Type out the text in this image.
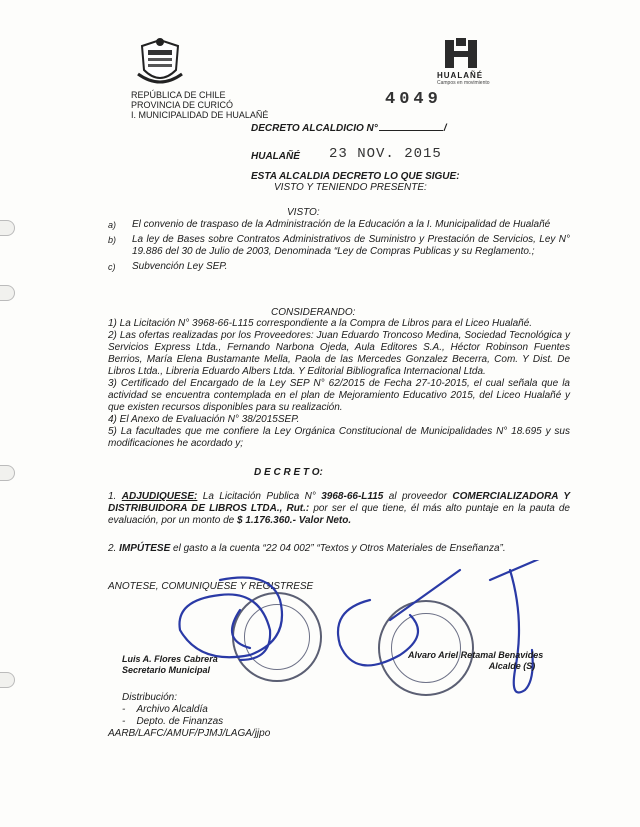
HUALAÑÉ
Campos en movimiento
REPÚBLICA DE CHILE
PROVINCIA DE CURICÓ
I. MUNICIPALIDAD DE HUALAÑÉ
4049
DECRETO ALCALDICIO N°	/
HUALAÑÉ 23 NOV. 2015
ESTA ALCALDIA DECRETO LO QUE SIGUE:
VISTO Y TENIENDO PRESENTE:
VISTO:
a)	El convenio de traspaso de la Administración de la Educación a la I. Municipalidad de Hualañé
b)	La ley de Bases sobre Contratos Administrativos de Suministro y Prestación de Servicios, Ley N° 19.886 del 30 de Julio de 2003, Denominada “Ley de Compras Publicas y su Reglamento.;
c)	Subvención Ley SEP.
CONSIDERANDO:
1) La Licitación N° 3968-66-L115 correspondiente a la Compra de Libros para el Liceo Hualañé.
2) Las ofertas realizadas por los Proveedores: Juan Eduardo Troncoso Medina, Sociedad Tecnológica y Servicios Express Ltda., Fernando Narbona Ojeda, Aula Editores S.A., Héctor Robinson Fuentes Berrios, María Elena Bustamante Mella, Paola de las Mercedes Gonzalez Becerra, Com. Y Dist. De Libros Ltda., Libreria Eduardo Albers Ltda. Y Editorial Bibliografica Internacional Ltda.
3) Certificado del Encargado de la Ley SEP N° 62/2015 de Fecha 27-10-2015, el cual señala que la actividad se encuentra contemplada en el plan de Mejoramiento Educativo 2015, del Liceo Hualañé y que existen recursos disponibles para su realización.
4) El Anexo de Evaluación N° 38/2015SEP.
5) La facultades que me confiere la Ley Orgánica Constitucional de Municipalidades N° 18.695 y sus modificaciones he acordado y;
D E C R E T O:
1. ADJUDIQUESE: La Licitación Publica N° 3968-66-L115 al proveedor COMERCIALIZADORA Y DISTRIBUIDORA DE LIBROS LTDA., Rut.: por ser el que tiene, él más alto puntaje en la pauta de evaluación, por un monto de $ 1.176.360.- Valor Neto.
2. IMPÚTESE el gasto a la cuenta “22 04 002” “Textos y Otros Materiales de Enseñanza”.
ANOTESE, COMUNIQUESE Y REGISTRESE
Luis A. Flores Cabrera
Secretario Municipal
Alvaro Ariel Retamal Benavides
Alcalde (S)
Distribución:
-    Archivo Alcaldía
-    Depto. de Finanzas
AARB/LAFC/AMUF/PJMJ/LAGA/jjpo
